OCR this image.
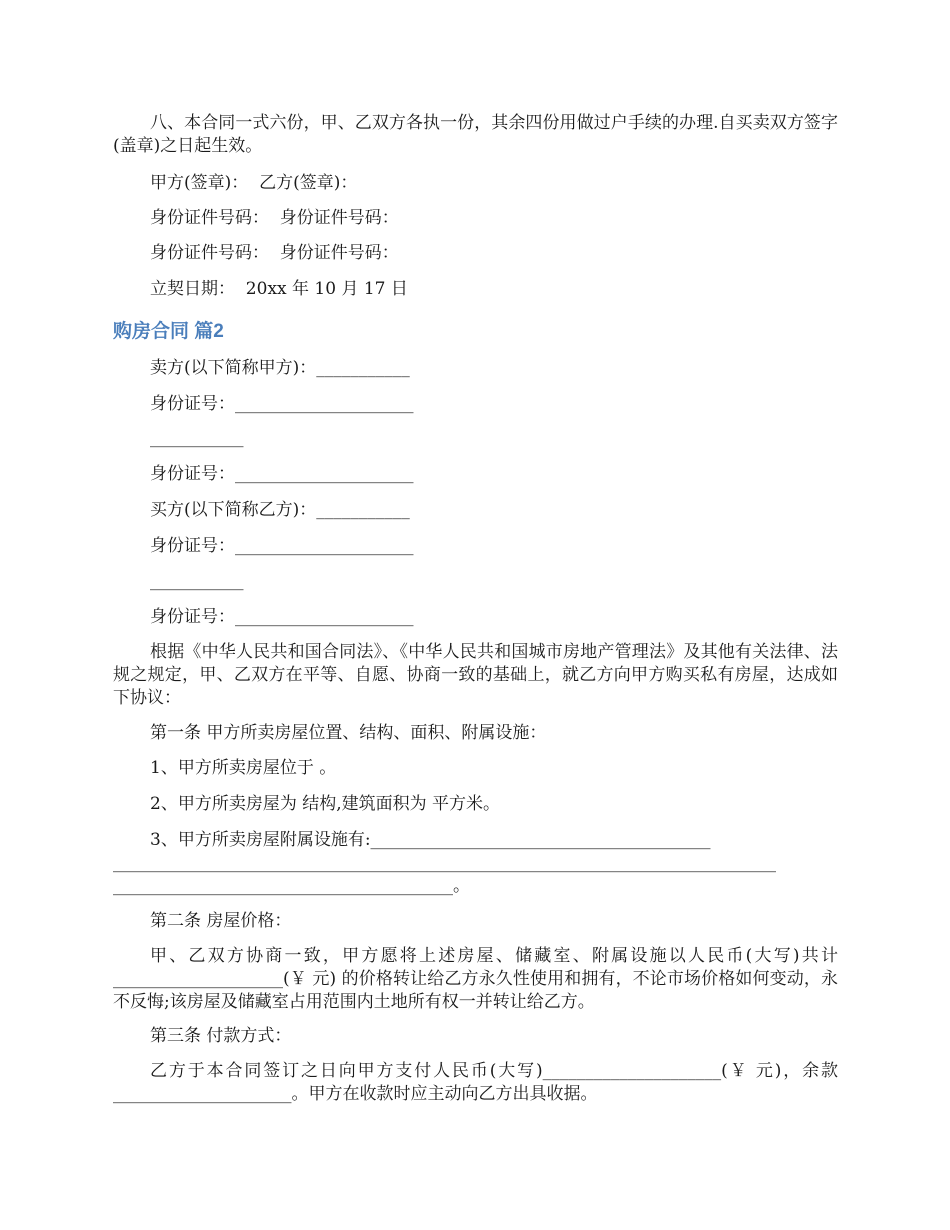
八、本合同一式六份，甲、乙双方各执一份，其余四份用做过户手续的办理.自买卖双方签字(盖章)之日起生效。
甲方(签章)：  乙方(签章)：
身份证件号码：  身份证件号码：
身份证件号码：  身份证件号码：
立契日期：  20xx 年 10 月 17 日
购房合同 篇2
卖方(以下简称甲方)：___________
身份证号：_____________________
___________
身份证号：_____________________
买方(以下简称乙方)：___________
身份证号：_____________________
___________
身份证号：_____________________
根据《中华人民共和国合同法》、《中华人民共和国城市房地产管理法》及其他有关法律、法规之规定，甲、乙双方在平等、自愿、协商一致的基础上，就乙方向甲方购买私有房屋，达成如下协议：
第一条 甲方所卖房屋位置、结构、面积、附属设施：
1、甲方所卖房屋位于 。
2、甲方所卖房屋为 结构,建筑面积为 平方米。
3、甲方所卖房屋附属设施有:________________________________________
______________________________________________________________________________
________________________________________。
第二条 房屋价格：
甲、乙双方协商一致，甲方愿将上述房屋、储藏室、附属设施以人民币(大写)共计____________________(￥ 元) 的价格转让给乙方永久性使用和拥有，不论市场价格如何变动，永不反悔;该房屋及储藏室占用范围内土地所有权一并转让给乙方。
第三条 付款方式：
乙方于本合同签订之日向甲方支付人民币(大写)_____________________(￥ 元)，余款_____________________。甲方在收款时应主动向乙方出具收据。
